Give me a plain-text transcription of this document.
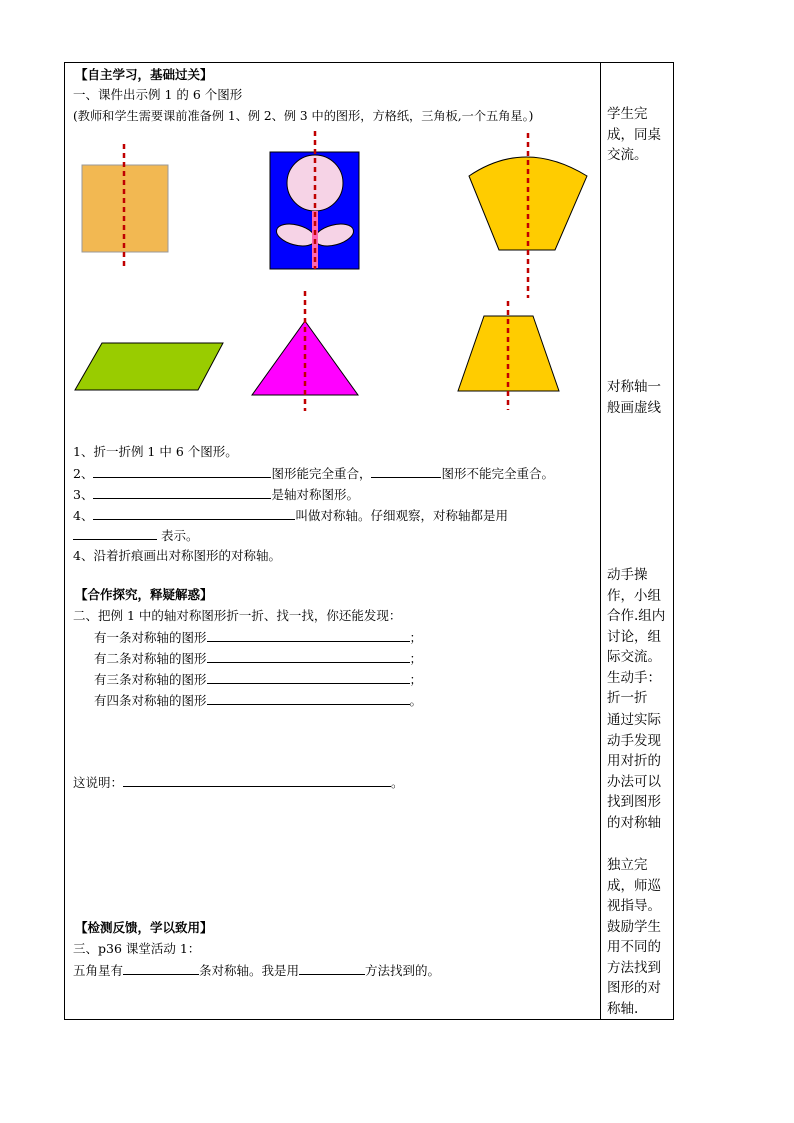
【自主学习，基础过关】
一、课件出示例 1 的 6 个图形
(教师和学生需要课前准备例 1、例 2、例 3 中的图形，方格纸，三角板,一个五角星。)
1、折一折例 1 中 6 个图形。
2、	图形能完全重合，	图形不能完全重合。
3、	是轴对称图形。
4、	叫做对称轴。仔细观察，对称轴都是用
表示。
4、沿着折痕画出对称图形的对称轴。
【合作探究，释疑解惑】
二、把例 1 中的轴对称图形折一折、找一找，你还能发现：
有一条对称轴的图形	；
有二条对称轴的图形	；
有三条对称轴的图形	；
有四条对称轴的图形	。
这说明：	。
【检测反馈，学以致用】
三、p36 课堂活动 1：
五角星有	条对称轴。我是用	方法找到的。
学生完成，同桌交流。
对称轴一般画虚线
动手操作，小组合作.组内讨论，组际交流。生动手：折一折
通过实际动手发现用对折的办法可以找到图形的对称轴
独立完成，师巡视指导。鼓励学生用不同的方法找到图形的对称轴.
